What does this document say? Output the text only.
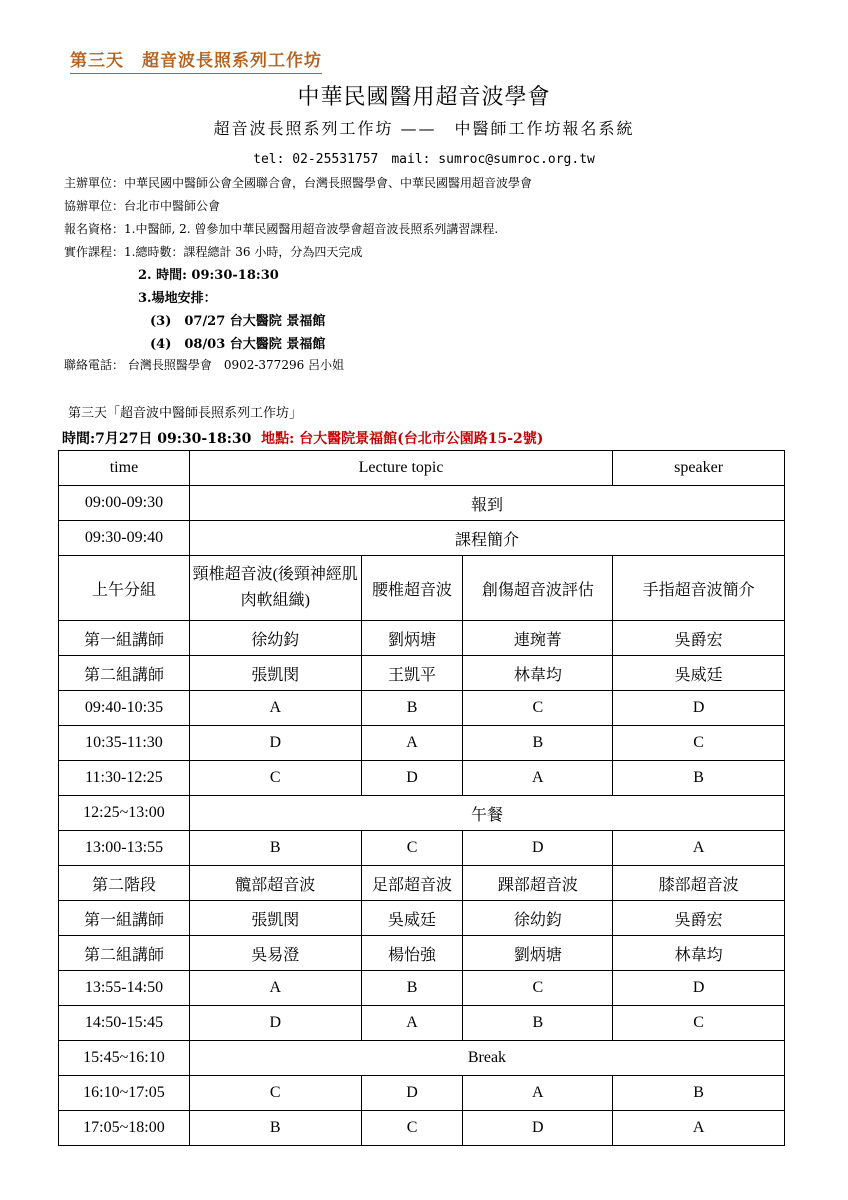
第三天　超音波長照系列工作坊
中華民國醫用超音波學會
超音波長照系列工作坊 ——　中醫師工作坊報名系統
tel: 02-25531757　mail: sumroc@sumroc.org.tw
主辦單位：中華民國中醫師公會全國聯合會，台灣長照醫學會、中華民國醫用超音波學會
協辦單位：台北市中醫師公會
報名資格：1.中醫師, 2. 曾參加中華民國醫用超音波學會超音波長照系列講習課程.
實作課程：1.總時數：課程總計 36 小時，分為四天完成
2. 時間: 09:30-18:30
3.場地安排：
(3)　07/27 台大醫院 景福館
(4)　08/03 台大醫院 景福館
聯絡電話： 台灣長照醫學會　0902-377296 呂小姐
第三天「超音波中醫師長照系列工作坊」
時間:7月27日 09:30-18:30 地點: 台大醫院景福館(台北市公園路15-2號)
time	Lecture topic			speaker
09:00-09:30	報到			
09:30-09:40	課程簡介			
上午分組	頸椎超音波(後頸神經肌肉軟組織)	腰椎超音波	創傷超音波評估	手指超音波簡介
第一組講師	徐幼鈞	劉炳塘	連琬菁	吳爵宏
第二組講師	張凱閔	王凱平	林韋均	吳威廷
09:40-10:35	A	B	C	D
10:35-11:30	D	A	B	C
11:30-12:25	C	D	A	B
12:25~13:00	午餐			
13:00-13:55	B	C	D	A
第二階段	髖部超音波	足部超音波	踝部超音波	膝部超音波
第一組講師	張凱閔	吳威廷	徐幼鈞	吳爵宏
第二組講師	吳易澄	楊怡強	劉炳塘	林韋均
13:55-14:50	A	B	C	D
14:50-15:45	D	A	B	C
15:45~16:10	Break			
16:10~17:05	C	D	A	B
17:05~18:00	B	C	D	A
